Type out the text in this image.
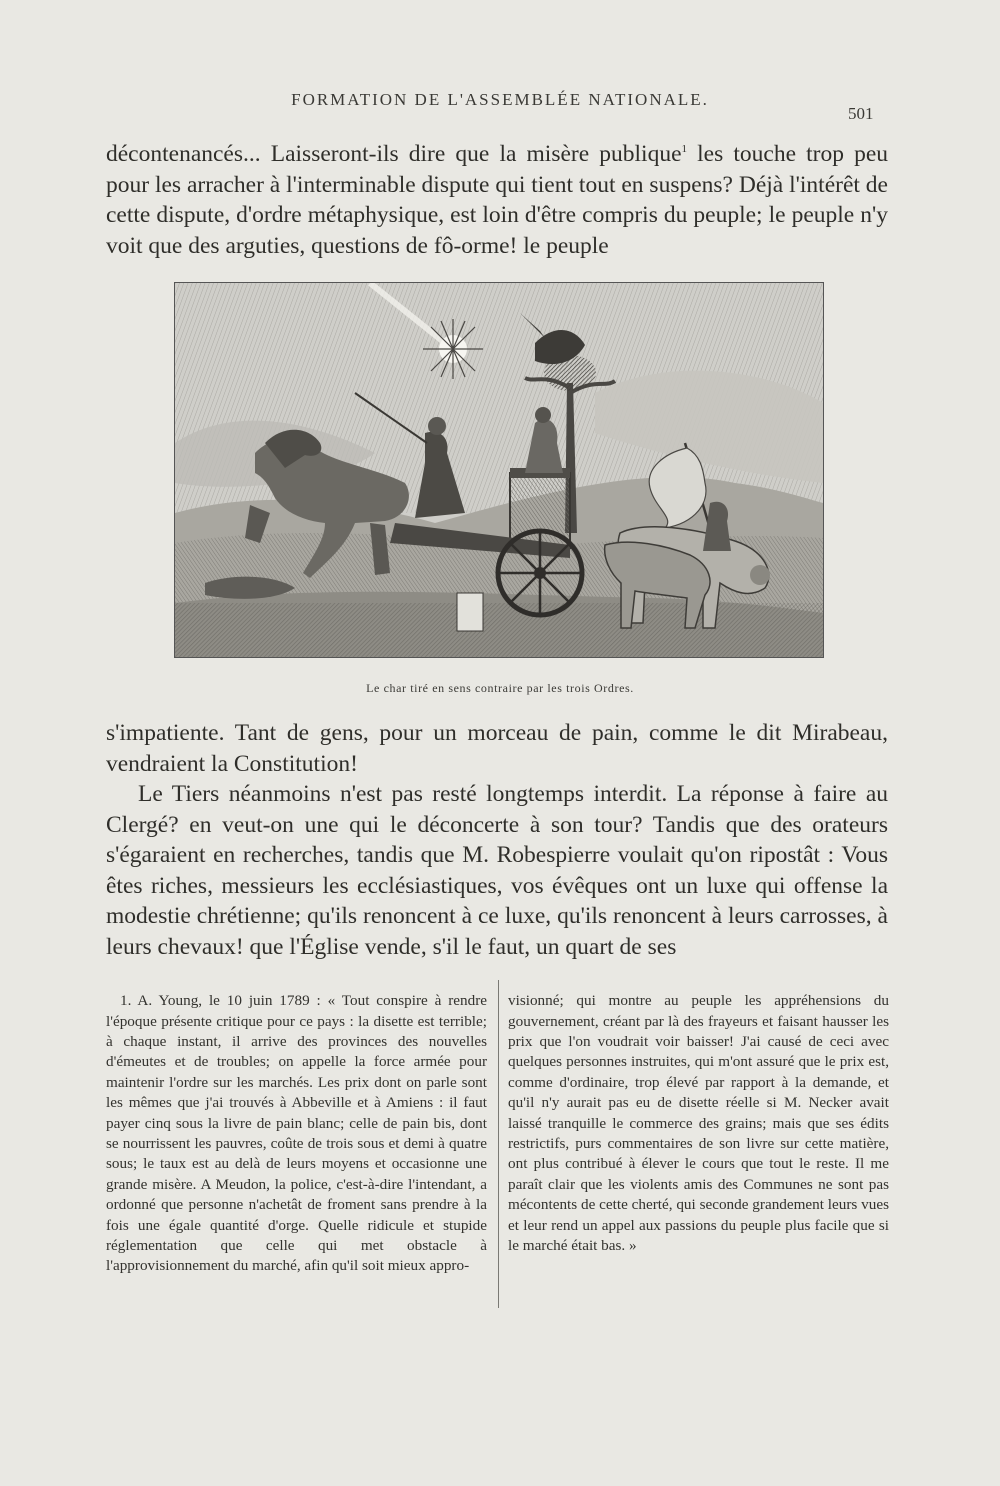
FORMATION DE L'ASSEMBLÉE NATIONALE.
501

décontenancés... Laisseront-ils dire que la misère publique$^1$ les touche trop peu pour les arracher à l'interminable dispute qui tient tout en suspens? Déjà l'intérêt de cette dispute, d'ordre métaphysique, est loin d'être compris du peuple; le peuple n'y voit que des arguties, questions de fô-orme! le peuple

Le char tiré en sens contraire par les trois Ordres.

s'impatiente. Tant de gens, pour un morceau de pain, comme le dit Mirabeau, vendraient la Constitution!

Le Tiers néanmoins n'est pas resté longtemps interdit. La réponse à faire au Clergé? en veut-on une qui le déconcerte à son tour? Tandis que des orateurs s'égaraient en recherches, tandis que M. Robespierre voulait qu'on ripostât : Vous êtes riches, messieurs les ecclésiastiques, vos évêques ont un luxe qui offense la modestie chrétienne; qu'ils renoncent à ce luxe, qu'ils renoncent à leurs carrosses, à leurs chevaux! que l'Église vende, s'il le faut, un quart de ses

1. A. Young, le 10 juin 1789 : « Tout conspire à rendre l'époque présente critique pour ce pays : la disette est terrible; à chaque instant, il arrive des provinces des nouvelles d'émeutes et de troubles; on appelle la force armée pour maintenir l'ordre sur les marchés. Les prix dont on parle sont les mêmes que j'ai trouvés à Abbeville et à Amiens : il faut payer cinq sous la livre de pain blanc; celle de pain bis, dont se nourrissent les pauvres, coûte de trois sous et demi à quatre sous; le taux est au delà de leurs moyens et occasionne une grande misère. A Meudon, la police, c'est-à-dire l'intendant, a ordonné que personne n'achetât de froment sans prendre à la fois une égale quantité d'orge. Quelle ridicule et stupide réglementation que celle qui met obstacle à l'approvisionnement du marché, afin qu'il soit mieux appro-

visionné; qui montre au peuple les appréhensions du gouvernement, créant par là des frayeurs et faisant hausser les prix que l'on voudrait voir baisser! J'ai causé de ceci avec quelques personnes instruites, qui m'ont assuré que le prix est, comme d'ordinaire, trop élevé par rapport à la demande, et qu'il n'y aurait pas eu de disette réelle si M. Necker avait laissé tranquille le commerce des grains; mais que ses édits restrictifs, purs commentaires de son livre sur cette matière, ont plus contribué à élever le cours que tout le reste. Il me paraît clair que les violents amis des Communes ne sont pas mécontents de cette cherté, qui seconde grandement leurs vues et leur rend un appel aux passions du peuple plus facile que si le marché était bas. »
